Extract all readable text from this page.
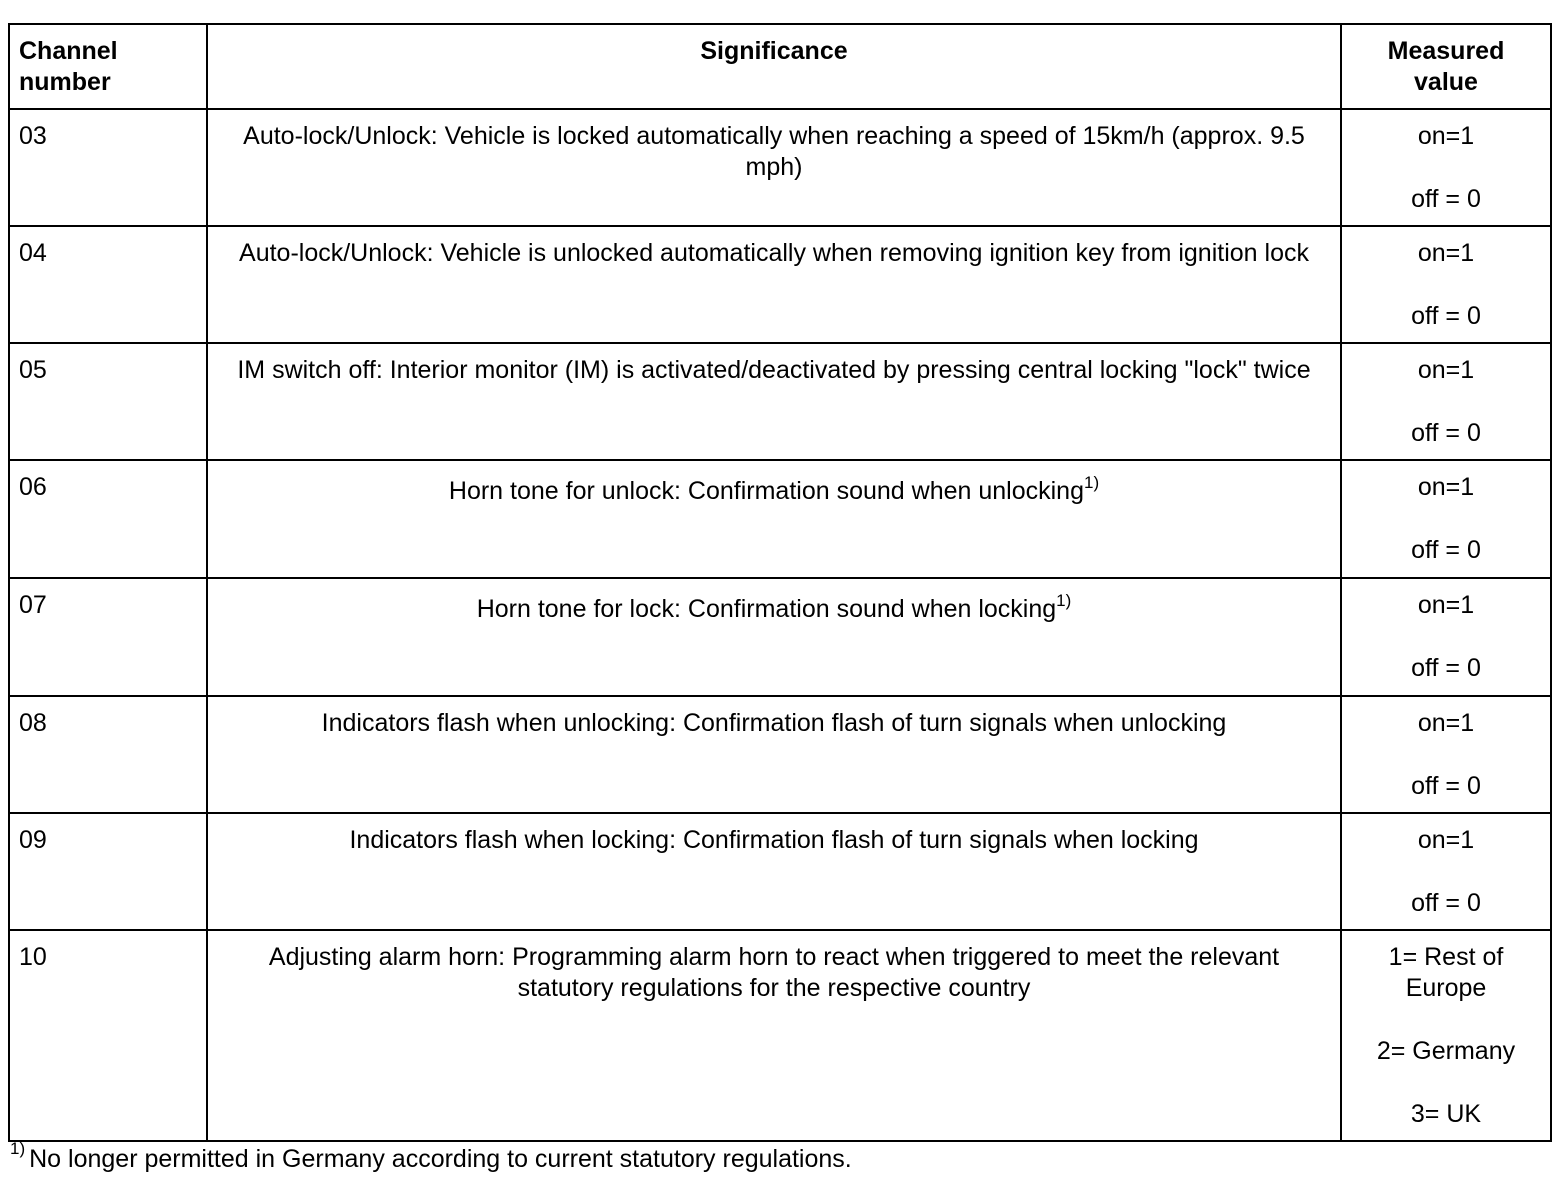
Channel number	Significance	Measured value
03	Auto-lock/Unlock: Vehicle is locked automatically when reaching a speed of 15km/h (approx. 9.5 mph)	on=1
off = 0

04	Auto-lock/Unlock: Vehicle is unlocked automatically when removing ignition key from ignition lock	on=1
off = 0

05	IM switch off: Interior monitor (IM) is activated/deactivated by pressing central locking "lock" twice	on=1
off = 0

06	Horn tone for unlock: Confirmation sound when unlocking$^{1)}$	on=1
off = 0

07	Horn tone for lock: Confirmation sound when locking$^{1)}$	on=1
off = 0

08	Indicators flash when unlocking: Confirmation flash of turn signals when unlocking	on=1
off = 0

09	Indicators flash when locking: Confirmation flash of turn signals when locking	on=1
off = 0

10	Adjusting alarm horn: Programming alarm horn to react when triggered to meet the relevant statutory regulations for the respective country	1= Rest of Europe
2= Germany
3= UK
$^{1)}$ No longer permitted in Germany according to current statutory regulations.
